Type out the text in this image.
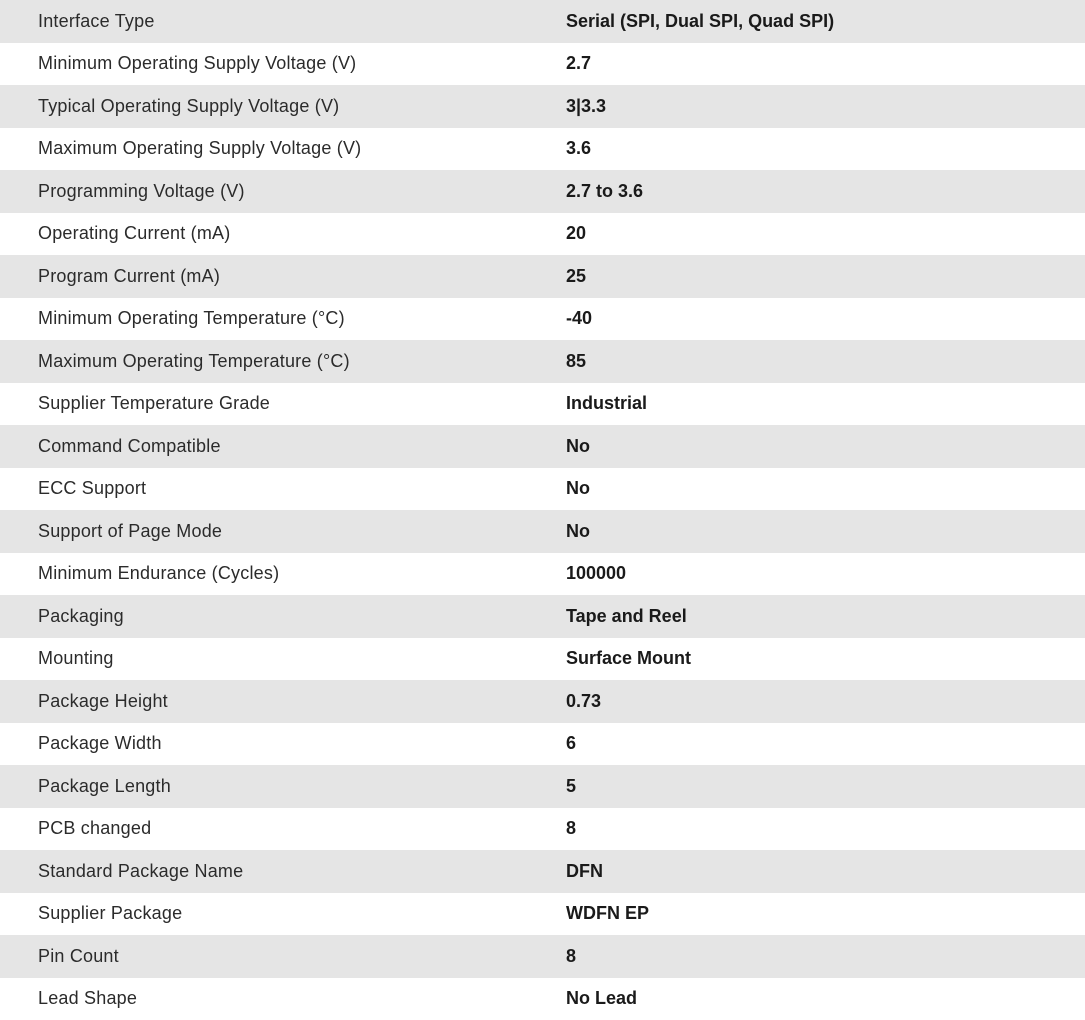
Interface Type	Serial (SPI, Dual SPI, Quad SPI)
Minimum Operating Supply Voltage (V)	2.7
Typical Operating Supply Voltage (V)	3|3.3
Maximum Operating Supply Voltage (V)	3.6
Programming Voltage (V)	2.7 to 3.6
Operating Current (mA)	20
Program Current (mA)	25
Minimum Operating Temperature (°C)	-40
Maximum Operating Temperature (°C)	85
Supplier Temperature Grade	Industrial
Command Compatible	No
ECC Support	No
Support of Page Mode	No
Minimum Endurance (Cycles)	100000
Packaging	Tape and Reel
Mounting	Surface Mount
Package Height	0.73
Package Width	6
Package Length	5
PCB changed	8
Standard Package Name	DFN
Supplier Package	WDFN EP
Pin Count	8
Lead Shape	No Lead
